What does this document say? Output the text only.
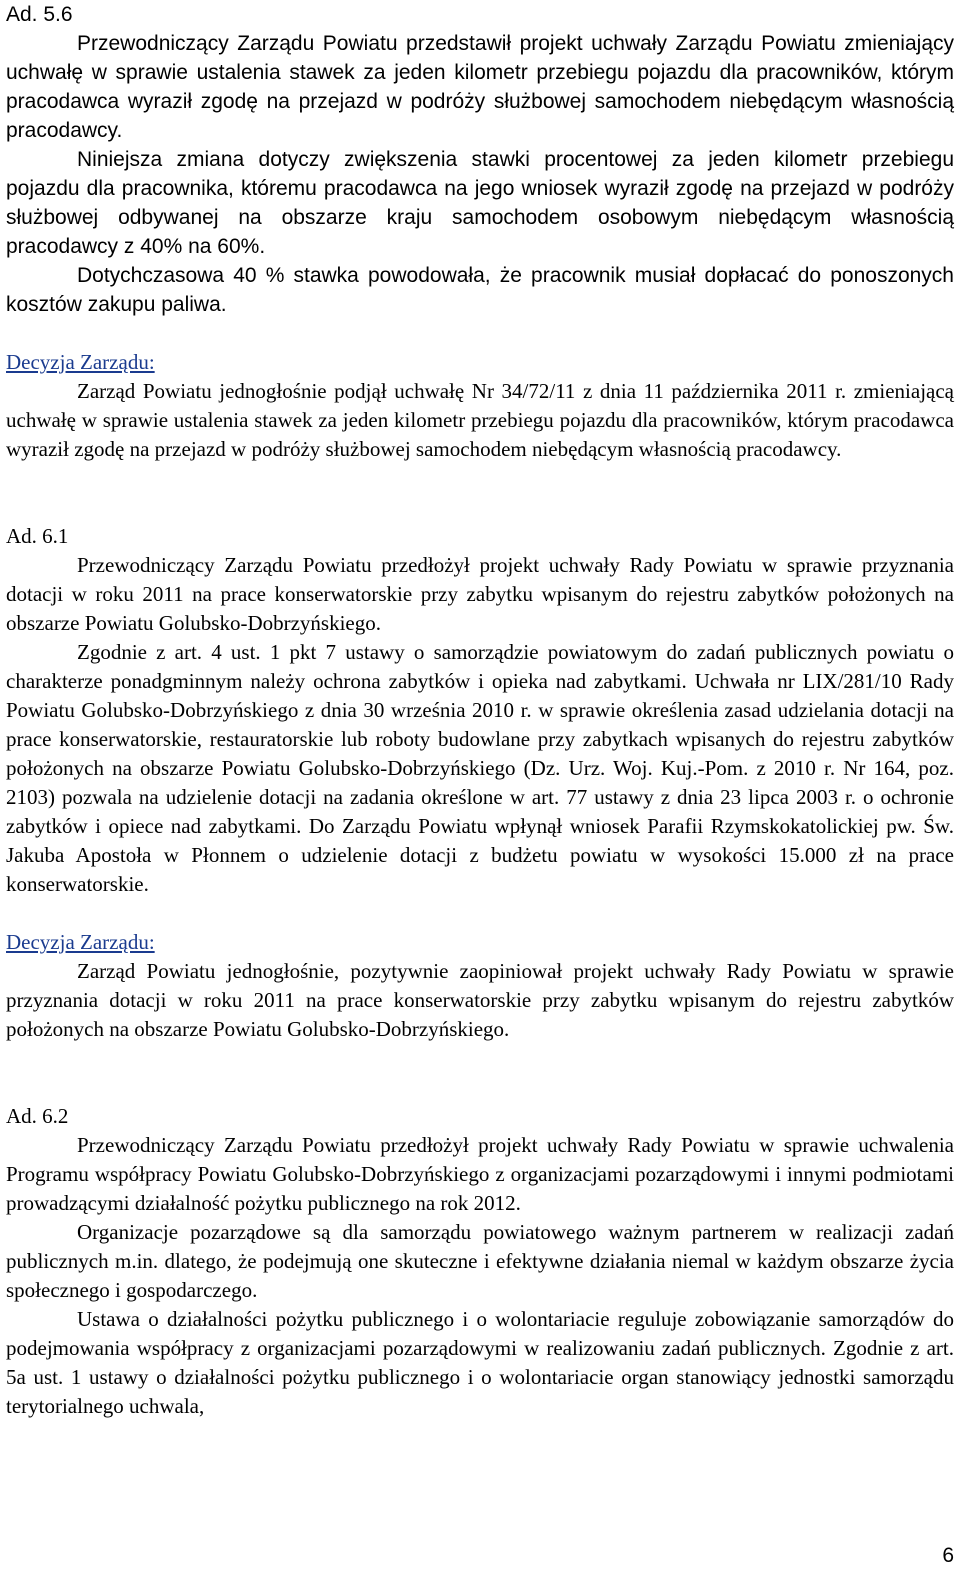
Ad. 5.6

Przewodniczący Zarządu Powiatu przedstawił projekt uchwały Zarządu Powiatu zmieniający uchwałę w sprawie ustalenia stawek za jeden kilometr przebiegu pojazdu dla pracowników, którym pracodawca wyraził zgodę na przejazd w podróży służbowej samochodem niebędącym własnością pracodawcy.

Niniejsza zmiana dotyczy zwiększenia stawki procentowej za jeden kilometr przebiegu pojazdu dla pracownika, któremu pracodawca na jego wniosek wyraził zgodę na przejazd w podróży służbowej odbywanej na obszarze kraju samochodem osobowym niebędącym własnością pracodawcy z 40% na 60%.

Dotychczasowa 40 % stawka powodowała, że pracownik musiał dopłacać do ponoszonych kosztów zakupu paliwa.

Decyzja Zarządu:

Zarząd Powiatu jednogłośnie podjął uchwałę Nr 34/72/11 z dnia 11 października 2011 r. zmieniającą uchwałę w sprawie ustalenia stawek za jeden kilometr przebiegu pojazdu dla pracowników, którym pracodawca wyraził zgodę na przejazd w podróży służbowej samochodem niebędącym własnością pracodawcy.

Ad. 6.1

Przewodniczący Zarządu Powiatu przedłożył projekt uchwały Rady Powiatu w sprawie przyznania dotacji w roku 2011 na prace konserwatorskie przy zabytku wpisanym do rejestru zabytków położonych na obszarze Powiatu Golubsko-Dobrzyńskiego.

Zgodnie z art. 4 ust. 1 pkt 7 ustawy o samorządzie powiatowym do zadań publicznych powiatu o charakterze ponadgminnym należy ochrona zabytków i opieka nad zabytkami. Uchwała nr LIX/281/10 Rady Powiatu Golubsko-Dobrzyńskiego z dnia 30 września 2010 r. w sprawie określenia zasad udzielania dotacji na prace konserwatorskie, restauratorskie lub roboty budowlane przy zabytkach wpisanych do rejestru zabytków położonych na obszarze Powiatu Golubsko-Dobrzyńskiego (Dz. Urz. Woj. Kuj.-Pom. z 2010 r. Nr 164, poz. 2103) pozwala na udzielenie dotacji na zadania określone w art. 77 ustawy z dnia 23 lipca 2003 r. o ochronie zabytków i opiece nad zabytkami. Do Zarządu Powiatu wpłynął wniosek Parafii Rzymskokatolickiej pw. Św. Jakuba Apostoła w Płonnem o udzielenie dotacji z budżetu powiatu w wysokości 15.000 zł na prace konserwatorskie.

Decyzja Zarządu:

Zarząd Powiatu jednogłośnie, pozytywnie zaopiniował projekt uchwały Rady Powiatu w sprawie przyznania dotacji w roku 2011 na prace konserwatorskie przy zabytku wpisanym do rejestru zabytków położonych na obszarze Powiatu Golubsko-Dobrzyńskiego.

Ad. 6.2

Przewodniczący Zarządu Powiatu przedłożył projekt uchwały Rady Powiatu w sprawie uchwalenia Programu współpracy Powiatu Golubsko-Dobrzyńskiego z organizacjami pozarządowymi i innymi podmiotami prowadzącymi działalność pożytku publicznego na rok 2012.

Organizacje pozarządowe są dla samorządu powiatowego ważnym partnerem w realizacji zadań publicznych m.in. dlatego, że podejmują one skuteczne i efektywne działania niemal w każdym obszarze życia społecznego i gospodarczego.

Ustawa o działalności pożytku publicznego i o wolontariacie reguluje zobowiązanie samorządów do podejmowania współpracy z organizacjami pozarządowymi w realizowaniu zadań publicznych. Zgodnie z art. 5a ust. 1 ustawy o działalności pożytku publicznego i o wolontariacie organ stanowiący jednostki samorządu terytorialnego uchwala,

6
